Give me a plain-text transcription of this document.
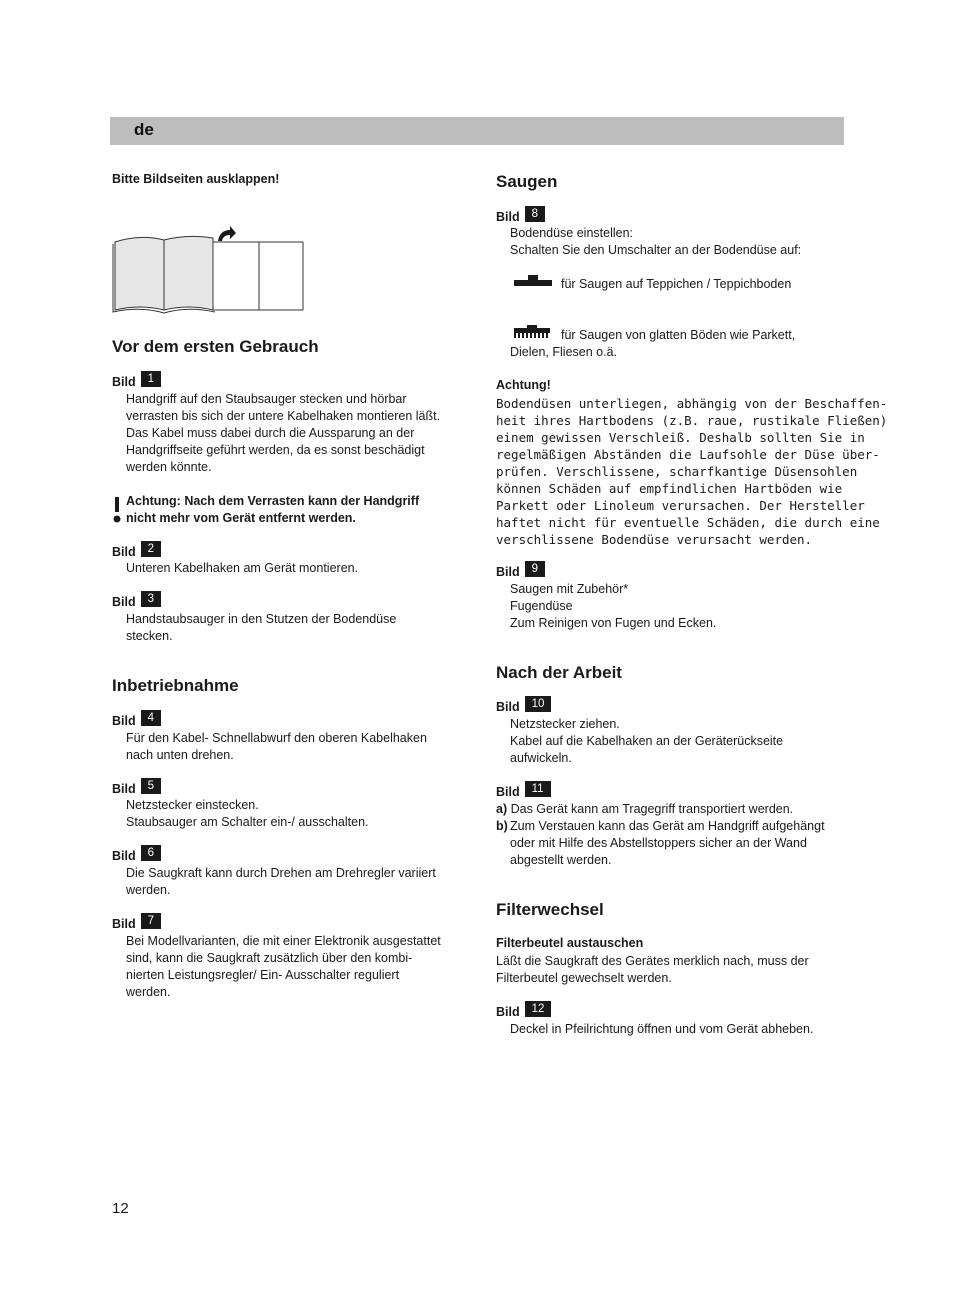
de
Bitte Bildseiten ausklappen!
Vor dem ersten Gebrauch
Bild 1
Handgriff auf den Staubsauger stecken und hörbar
verrasten bis sich der untere Kabelhaken montieren läßt.
Das Kabel muss dabei durch die Aussparung an der
Handgriffseite geführt werden, da es sonst beschädigt
werden könnte.
Achtung: Nach dem Verrasten kann der Handgriff
nicht mehr vom Gerät entfernt werden.
Bild 2
Unteren Kabelhaken am Gerät montieren.
Bild 3
Handstaubsauger in den Stutzen der Bodendüse
stecken.
Inbetriebnahme
Bild 4
Für den Kabel- Schnellabwurf den oberen Kabelhaken
nach unten drehen.
Bild 5
Netzstecker einstecken.
Staubsauger am Schalter ein-/ ausschalten.
Bild 6
Die Saugkraft kann durch Drehen am Drehregler variiert
werden.
Bild 7
Bei Modellvarianten, die mit einer Elektronik ausgestattet
sind, kann die Saugkraft zusätzlich über den kombi-
nierten Leistungsregler/ Ein- Ausschalter reguliert
werden.
Saugen
Bild 8
Bodendüse einstellen:
Schalten Sie den Umschalter an der Bodendüse auf:
für Saugen auf Teppichen / Teppichboden
für Saugen von glatten Böden wie Parkett,
Dielen, Fliesen o.ä.
Achtung!
Bodendüsen unterliegen, abhängig von der Beschaffen-
heit ihres Hartbodens (z.B. raue, rustikale Fließen)
einem gewissen Verschleiß. Deshalb sollten Sie in
regelmäßigen Abständen die Laufsohle der Düse über-
prüfen. Verschlissene, scharfkantige Düsensohlen
können Schäden auf empfindlichen Hartböden wie
Parkett oder Linoleum verursachen. Der Hersteller
haftet nicht für eventuelle Schäden, die durch eine
verschlissene Bodendüse verursacht werden.
Bild 9
Saugen mit Zubehör*
Fugendüse
Zum Reinigen von Fugen und Ecken.
Nach der Arbeit
Bild 10
Netzstecker ziehen.
Kabel auf die Kabelhaken an der Geräterückseite
aufwickeln.
Bild 11
a) Das Gerät kann am Tragegriff transportiert werden.
b) Zum Verstauen kann das Gerät am Handgriff aufgehängt
oder mit Hilfe des Abstellstoppers sicher an der Wand
abgestellt werden.
Filterwechsel
Filterbeutel austauschen
Läßt die Saugkraft des Gerätes merklich nach, muss der
Filterbeutel gewechselt werden.
Bild 12
Deckel in Pfeilrichtung öffnen und vom Gerät abheben.
12
